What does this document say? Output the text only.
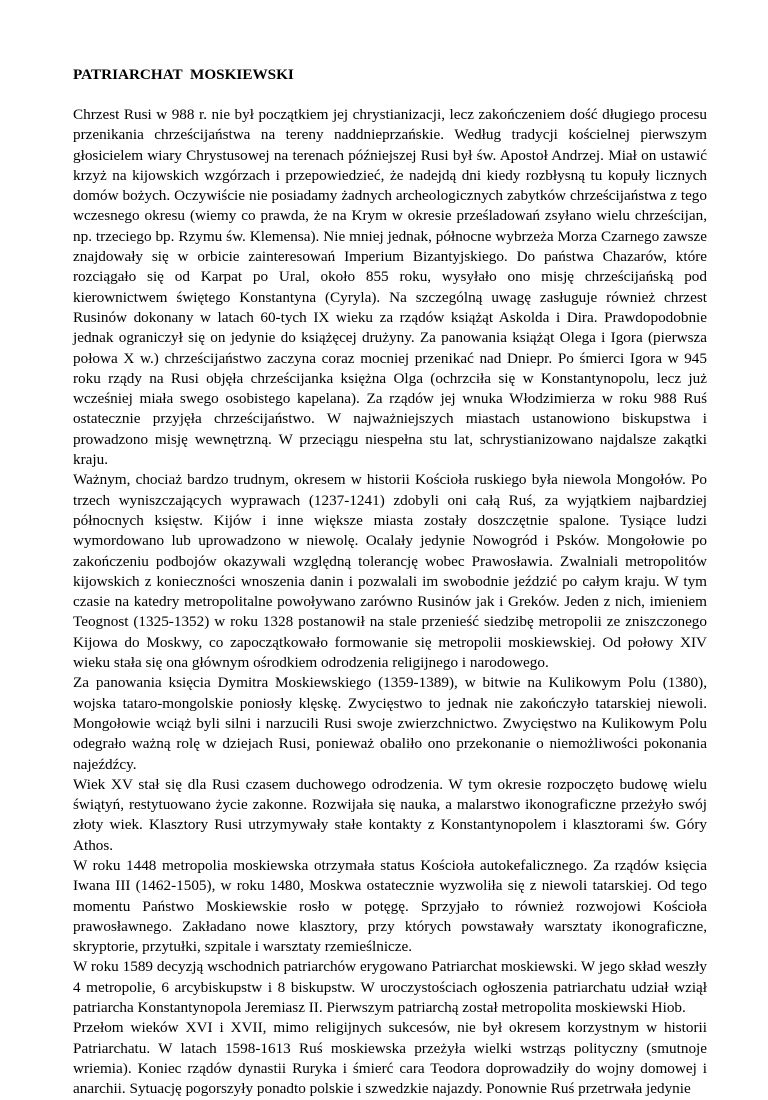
PATRIARCHAT  MOSKIEWSKI

Chrzest Rusi w 988 r. nie był początkiem jej chrystianizacji, lecz zakończeniem dość długiego procesu przenikania chrześcijaństwa na tereny naddnieprzańskie. Według tradycji kościelnej pierwszym głosicielem wiary Chrystusowej na terenach późniejszej Rusi był św. Apostoł Andrzej. Miał on ustawić krzyż na kijowskich wzgórzach i przepowiedzieć, że nadejdą dni kiedy rozbłysną tu kopuły licznych domów bożych. Oczywiście nie posiadamy żadnych archeologicznych zabytków chrześcijaństwa z tego wczesnego okresu (wiemy co prawda, że na Krym w okresie prześladowań zsyłano wielu chrześcijan, np. trzeciego bp. Rzymu św. Klemensa). Nie mniej jednak, północne wybrzeża Morza Czarnego zawsze znajdowały się w orbicie zainteresowań Imperium Bizantyjskiego. Do państwa Chazarów, które rozciągało się od Karpat po Ural, około 855 roku, wysyłało ono misję chrześcijańską pod kierownictwem świętego Konstantyna (Cyryla). Na szczególną uwagę zasługuje również chrzest Rusinów dokonany w latach 60-tych IX wieku za rządów książąt Askolda i Dira. Prawdopodobnie jednak ograniczył się on jedynie do książęcej drużyny. Za panowania książąt Olega i Igora (pierwsza połowa X w.) chrześcijaństwo zaczyna coraz mocniej przenikać nad Dniepr. Po śmierci Igora w 945 roku rządy na Rusi objęła chrześcijanka księżna Olga (ochrzciła się w Konstantynopolu, lecz już wcześniej miała swego osobistego kapelana). Za rządów jej wnuka Włodzimierza w roku 988 Ruś ostatecznie przyjęła chrześcijaństwo. W najważniejszych miastach ustanowiono biskupstwa i prowadzono misję wewnętrzną. W przeciągu niespełna stu lat, schrystianizowano najdalsze zakątki kraju.

Ważnym, chociaż bardzo trudnym, okresem w historii Kościoła ruskiego była niewola Mongołów. Po trzech wyniszczających wyprawach (1237-1241) zdobyli oni całą Ruś, za wyjątkiem najbardziej północnych księstw. Kijów i inne większe miasta zostały doszczętnie spalone. Tysiące ludzi wymordowano lub uprowadzono w niewolę. Ocalały jedynie Nowogród i Psków. Mongołowie po zakończeniu podbojów okazywali względną tolerancję wobec Prawosławia. Zwalniali metropolitów kijowskich z konieczności wnoszenia danin i pozwalali im swobodnie jeździć po całym kraju. W tym czasie na katedry metropolitalne powoływano zarówno Rusinów jak i Greków. Jeden z nich, imieniem Teognost (1325-1352) w roku 1328 postanowił na stale przenieść siedzibę metropolii ze zniszczonego Kijowa do Moskwy, co zapoczątkowało formowanie się metropolii moskiewskiej. Od połowy XIV wieku stała się ona głównym ośrodkiem odrodzenia religijnego i narodowego.

Za panowania księcia Dymitra Moskiewskiego (1359-1389), w bitwie na Kulikowym Polu (1380), wojska tataro-mongolskie poniosły klęskę. Zwycięstwo to jednak nie zakończyło tatarskiej niewoli. Mongołowie wciąż byli silni i narzucili Rusi swoje zwierzchnictwo. Zwycięstwo na Kulikowym Polu odegrało ważną rolę w dziejach Rusi, ponieważ obaliło ono przekonanie o niemożliwości pokonania najeźdźcy.

Wiek XV stał się dla Rusi czasem duchowego odrodzenia. W tym okresie rozpoczęto budowę wielu świątyń, restytuowano życie zakonne. Rozwijała się nauka, a malarstwo ikonograficzne przeżyło swój złoty wiek. Klasztory Rusi utrzymywały stałe kontakty z Konstantynopolem i klasztorami św. Góry Athos.

W roku 1448 metropolia moskiewska otrzymała status Kościoła autokefalicznego. Za rządów księcia Iwana III (1462-1505), w roku 1480, Moskwa ostatecznie wyzwoliła się z niewoli tatarskiej. Od tego momentu Państwo Moskiewskie rosło w potęgę. Sprzyjało to również rozwojowi Kościoła prawosławnego. Zakładano nowe klasztory, przy których powstawały warsztaty ikonograficzne, skryptorie, przytułki, szpitale i warsztaty rzemieślnicze.

W roku 1589 decyzją wschodnich patriarchów erygowano Patriarchat moskiewski. W jego skład weszły 4 metropolie, 6 arcybiskupstw i 8 biskupstw. W uroczystościach ogłoszenia patriarchatu udział wziął patriarcha Konstantynopola Jeremiasz II. Pierwszym patriarchą został metropolita moskiewski Hiob.

Przełom wieków XVI i XVII, mimo religijnych sukcesów, nie był okresem korzystnym w historii Patriarchatu. W latach 1598-1613 Ruś moskiewska przeżyła wielki wstrząs polityczny (smutnoje wriemia). Koniec rządów dynastii Ruryka i śmierć cara Teodora doprowadziły do wojny domowej i anarchii. Sytuację pogorszyły ponadto polskie i szwedzkie najazdy. Ponownie Ruś przetrwała jedynie
